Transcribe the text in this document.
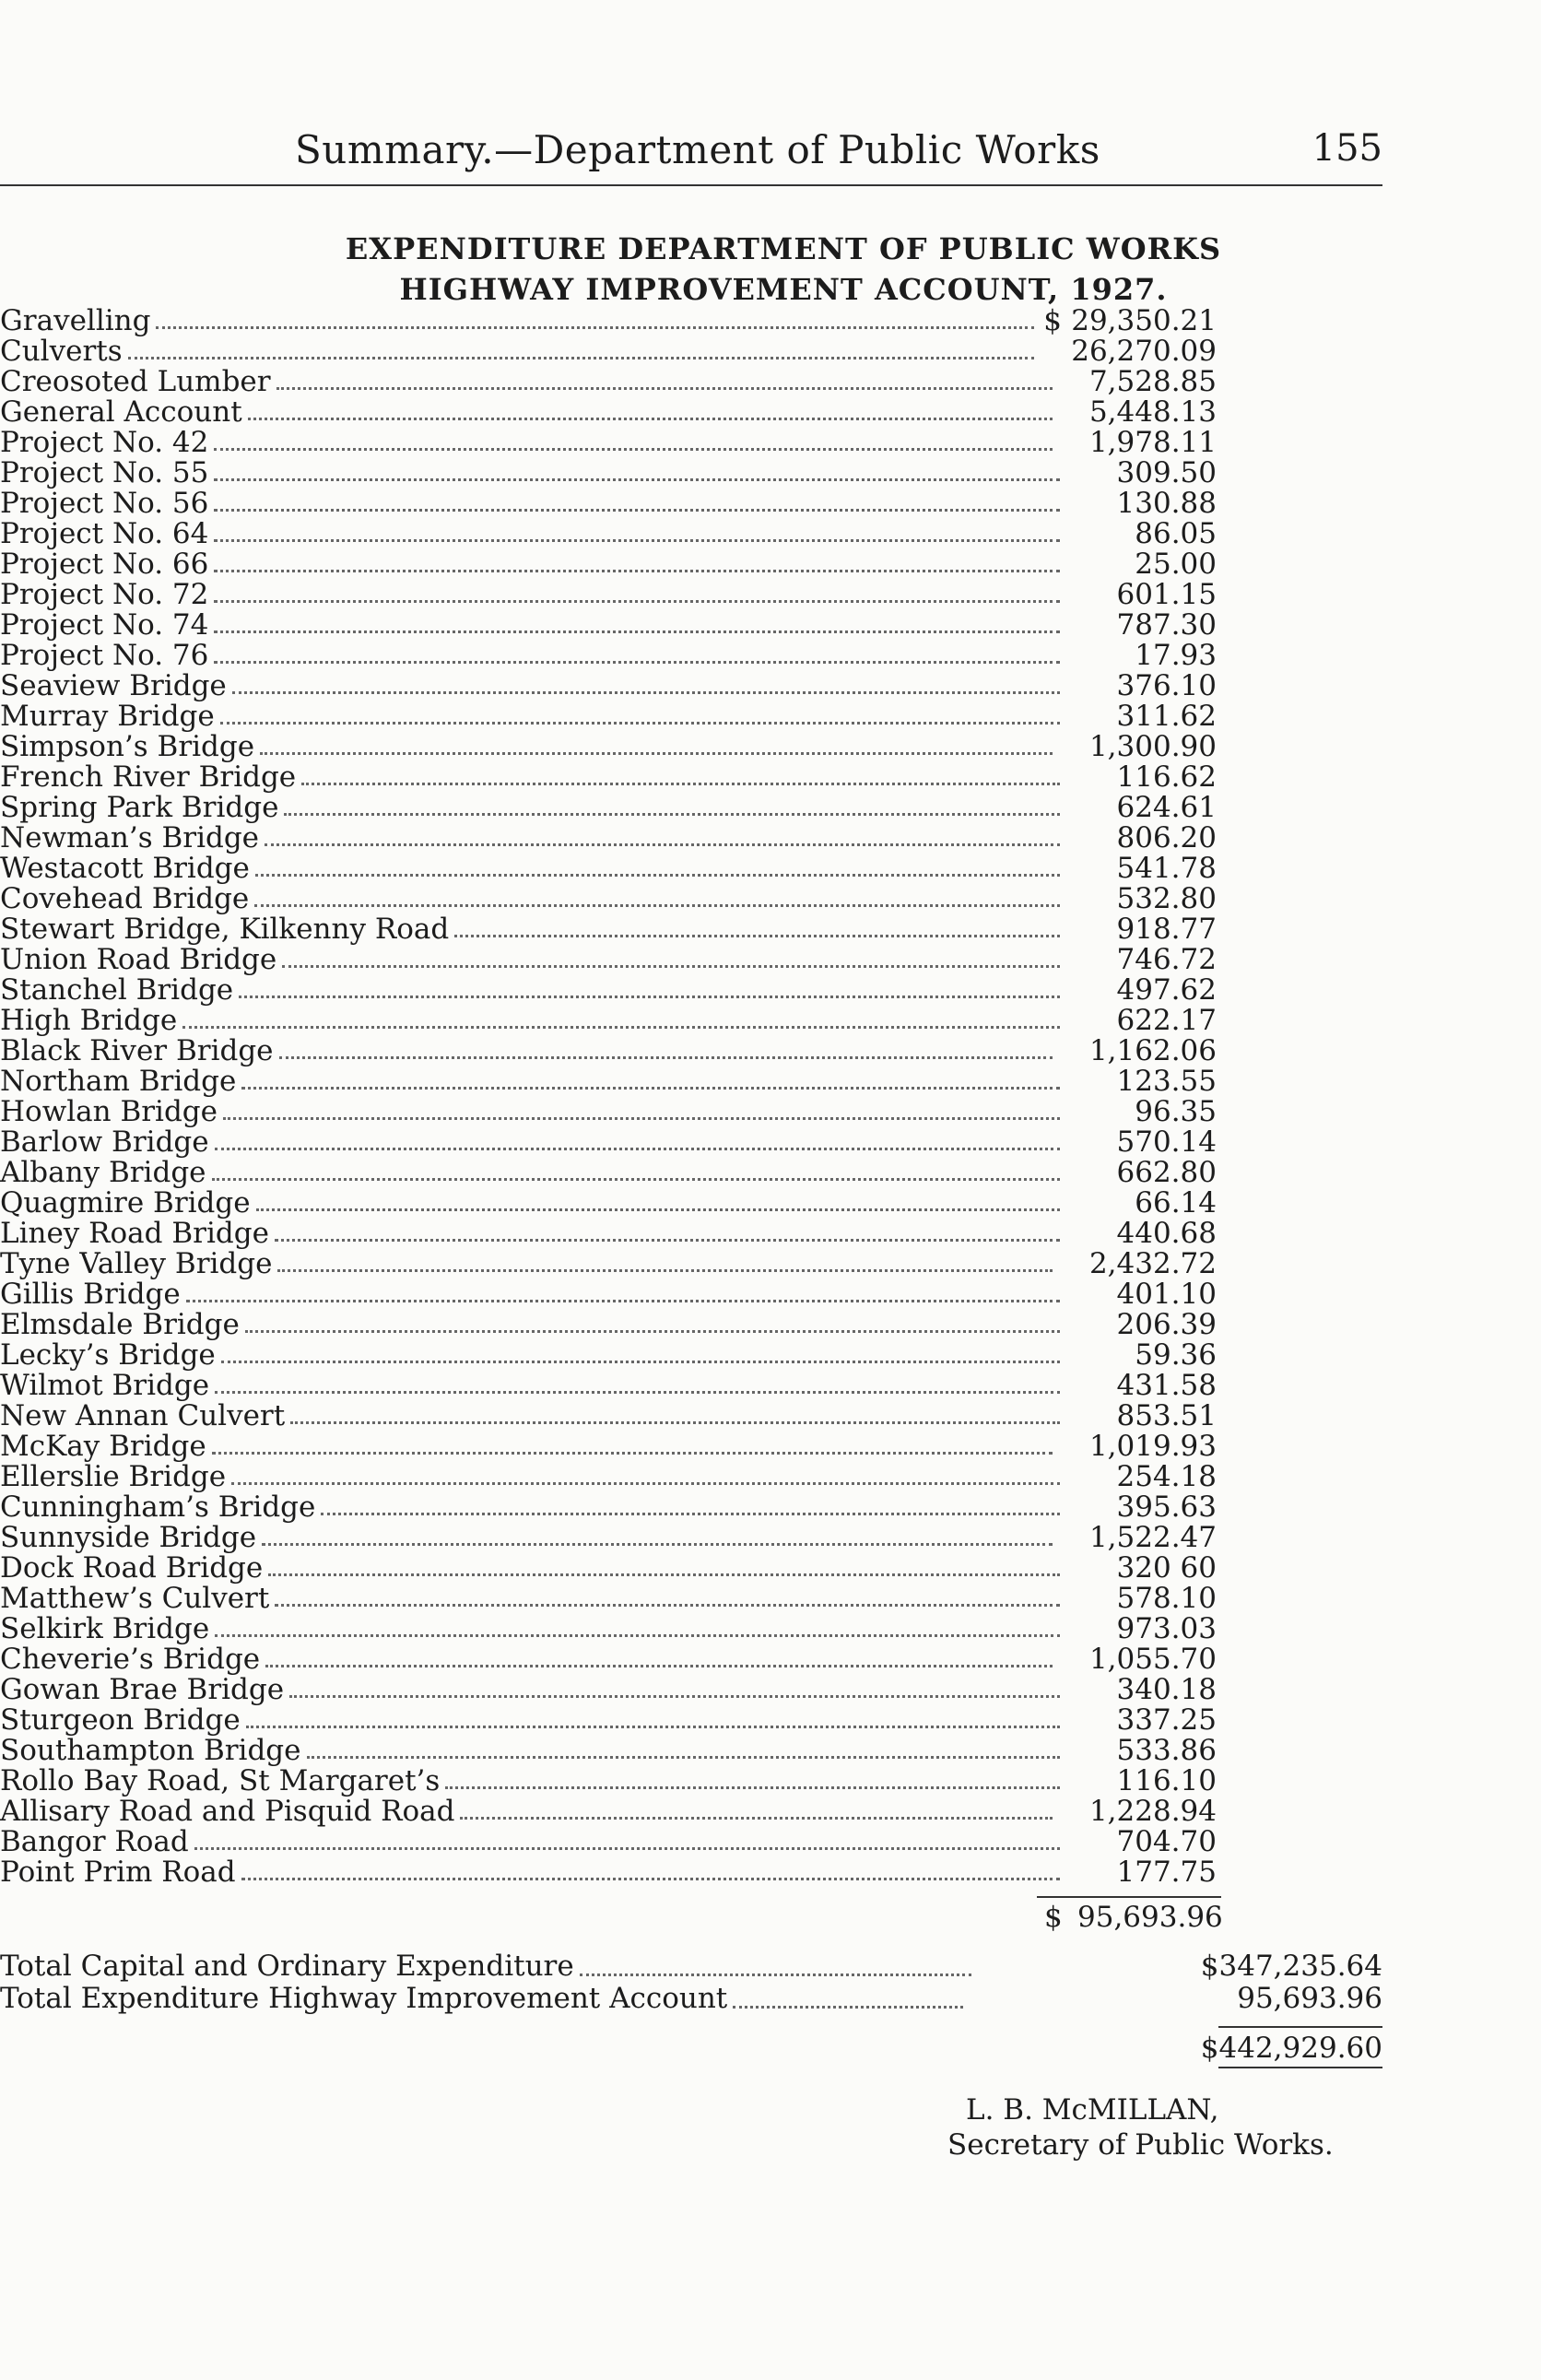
Summary.—Department of Public Works	155
EXPENDITURE DEPARTMENT OF PUBLIC WORKS
HIGHWAY IMPROVEMENT ACCOUNT, 1927.
Gravelling	$ 29,350.21
Culverts	26,270.09
Creosoted Lumber	7,528.85
General Account	5,448.13
Project No. 42	1,978.11
Project No. 55	309.50
Project No. 56	130.88
Project No. 64	86.05
Project No. 66	25.00
Project No. 72	601.15
Project No. 74	787.30
Project No. 76	17.93
Seaview Bridge	376.10
Murray Bridge	311.62
Simpson’s Bridge	1,300.90
French River Bridge	116.62
Spring Park Bridge	624.61
Newman’s Bridge	806.20
Westacott Bridge	541.78
Covehead Bridge	532.80
Stewart Bridge, Kilkenny Road	918.77
Union Road Bridge	746.72
Stanchel Bridge	497.62
High Bridge	622.17
Black River Bridge	1,162.06
Northam Bridge	123.55
Howlan Bridge	96.35
Barlow Bridge	570.14
Albany Bridge	662.80
Quagmire Bridge	66.14
Liney Road Bridge	440.68
Tyne Valley Bridge	2,432.72
Gillis Bridge	401.10
Elmsdale Bridge	206.39
Lecky’s Bridge	59.36
Wilmot Bridge	431.58
New Annan Culvert	853.51
McKay Bridge	1,019.93
Ellerslie Bridge	254.18
Cunningham’s Bridge	395.63
Sunnyside Bridge	1,522.47
Dock Road Bridge	320 60
Matthew’s Culvert	578.10
Selkirk Bridge	973.03
Cheverie’s Bridge	1,055.70
Gowan Brae Bridge	340.18
Sturgeon Bridge	337.25
Southampton Bridge	533.86
Rollo Bay Road, St Margaret’s	116.10
Allisary Road and Pisquid Road	1,228.94
Bangor Road	704.70
Point Prim Road	177.75
$ 95,693.96
Total Capital and Ordinary Expenditure	$347,235.64
Total Expenditure Highway Improvement Account	95,693.96
$442,929.60
L. B. McMILLAN,
Secretary of Public Works.
